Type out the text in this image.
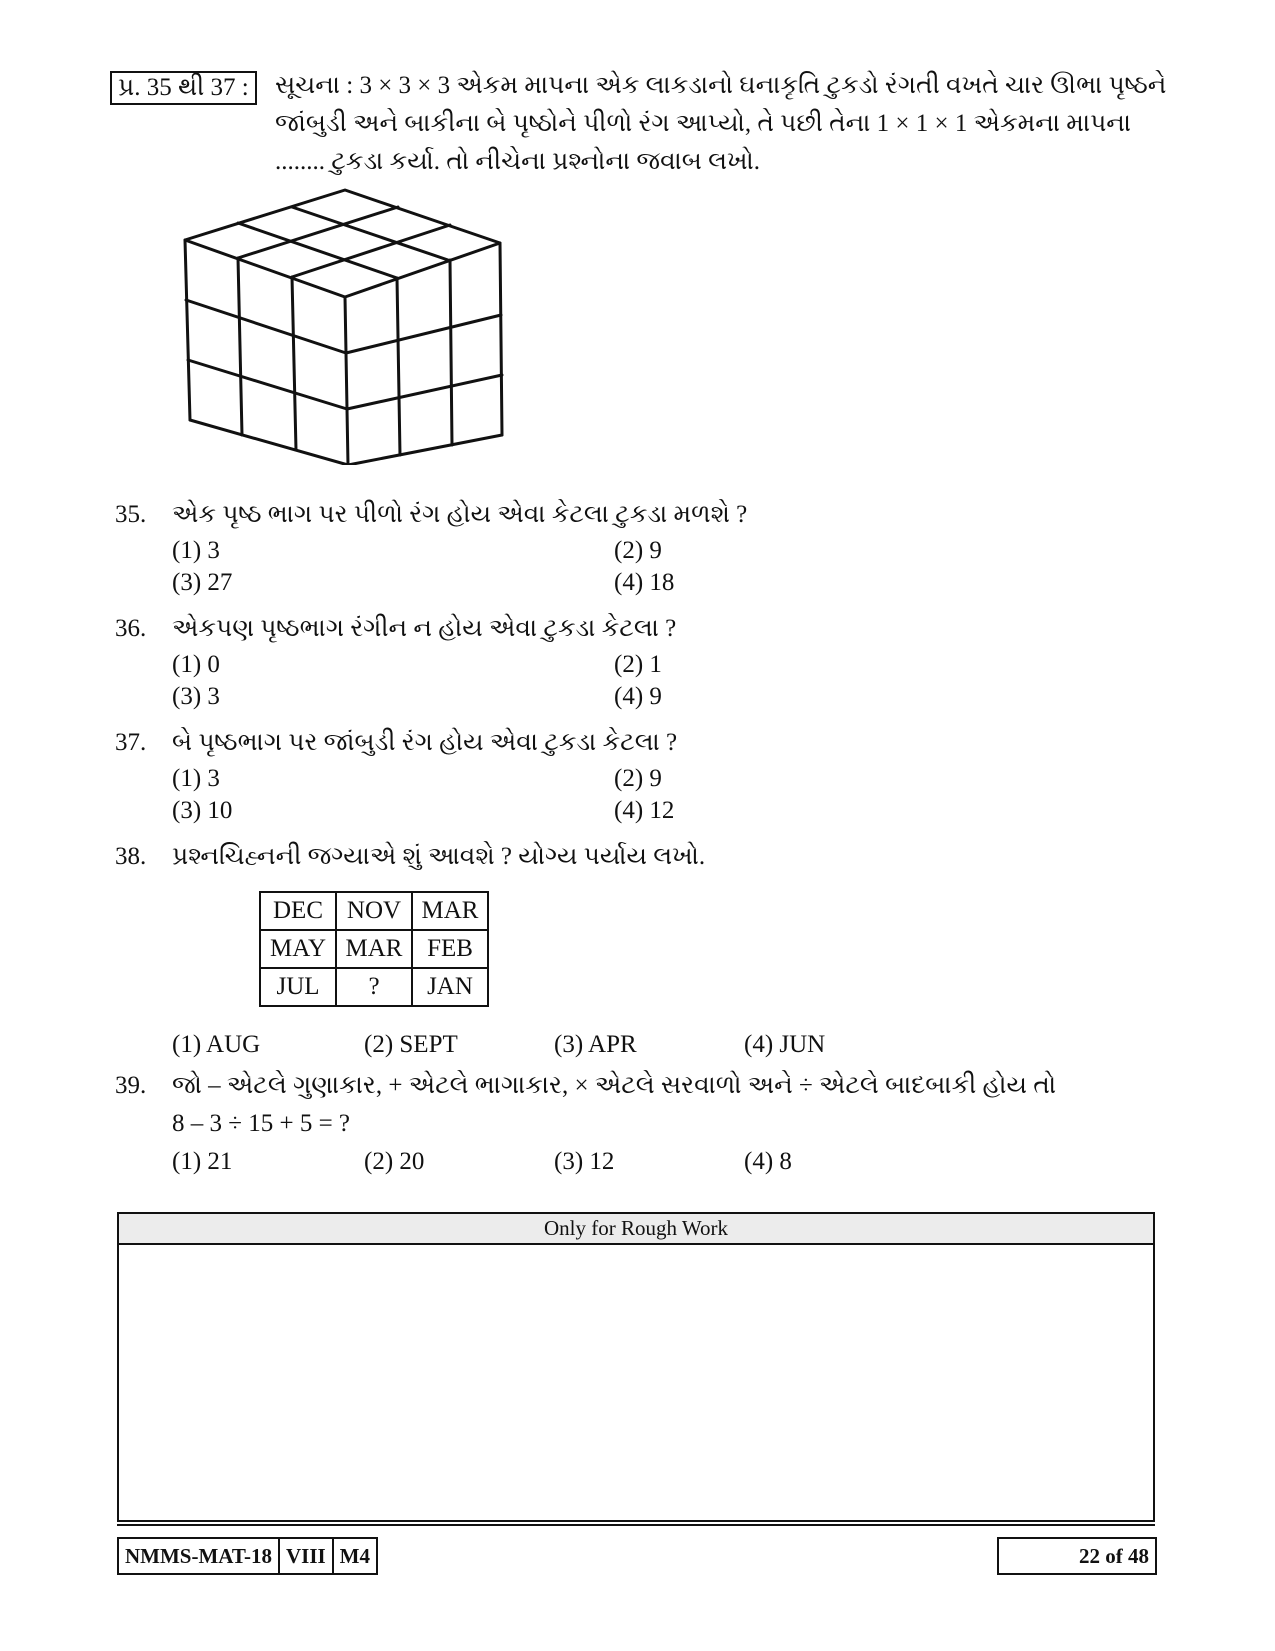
પ્ર. 35 થી 37 :	સૂચના : 3 × 3 × 3 એકમ માપના એક લાકડાનો ઘનાકૃતિ ટુકડો રંગતી વખતે ચાર ઊભા પૃષ્ઠને
જાંબુડી અને બાકીના બે પૃષ્ઠોને પીળો રંગ આપ્યો, તે પછી તેના 1 × 1 × 1 એકમના માપના
........ ટુકડા કર્યા. તો નીચેના પ્રશ્નોના જવાબ લખો.
35. એક પૃષ્ઠ ભાગ પર પીળો રંગ હોય એવા કેટલા ટુકડા મળશે ?
(1) 3	(2) 9
(3) 27	(4) 18
36. એકપણ પૃષ્ઠભાગ રંગીન ન હોય એવા ટુકડા કેટલા ?
(1) 0	(2) 1
(3) 3	(4) 9
37. બે પૃષ્ઠભાગ પર જાંબુડી રંગ હોય એવા ટુકડા કેટલા ?
(1) 3	(2) 9
(3) 10	(4) 12
38. પ્રશ્નચિહ્નની જગ્યાએ શું આવશે ? યોગ્ય પર્યાય લખો.
DEC	NOV	MAR
MAY	MAR	FEB
JUL	?	JAN
(1) AUG	(2) SEPT	(3) APR	(4) JUN
39. જો – એટલે ગુણાકાર, + એટલે ભાગાકાર, × એટલે સરવાળો અને ÷ એટલે બાદબાકી હોય તો
8 – 3 ÷ 15 + 5 = ?
(1) 21	(2) 20	(3) 12	(4) 8
Only for Rough Work
NMMS-MAT-18 VIII M4	22 of 48
